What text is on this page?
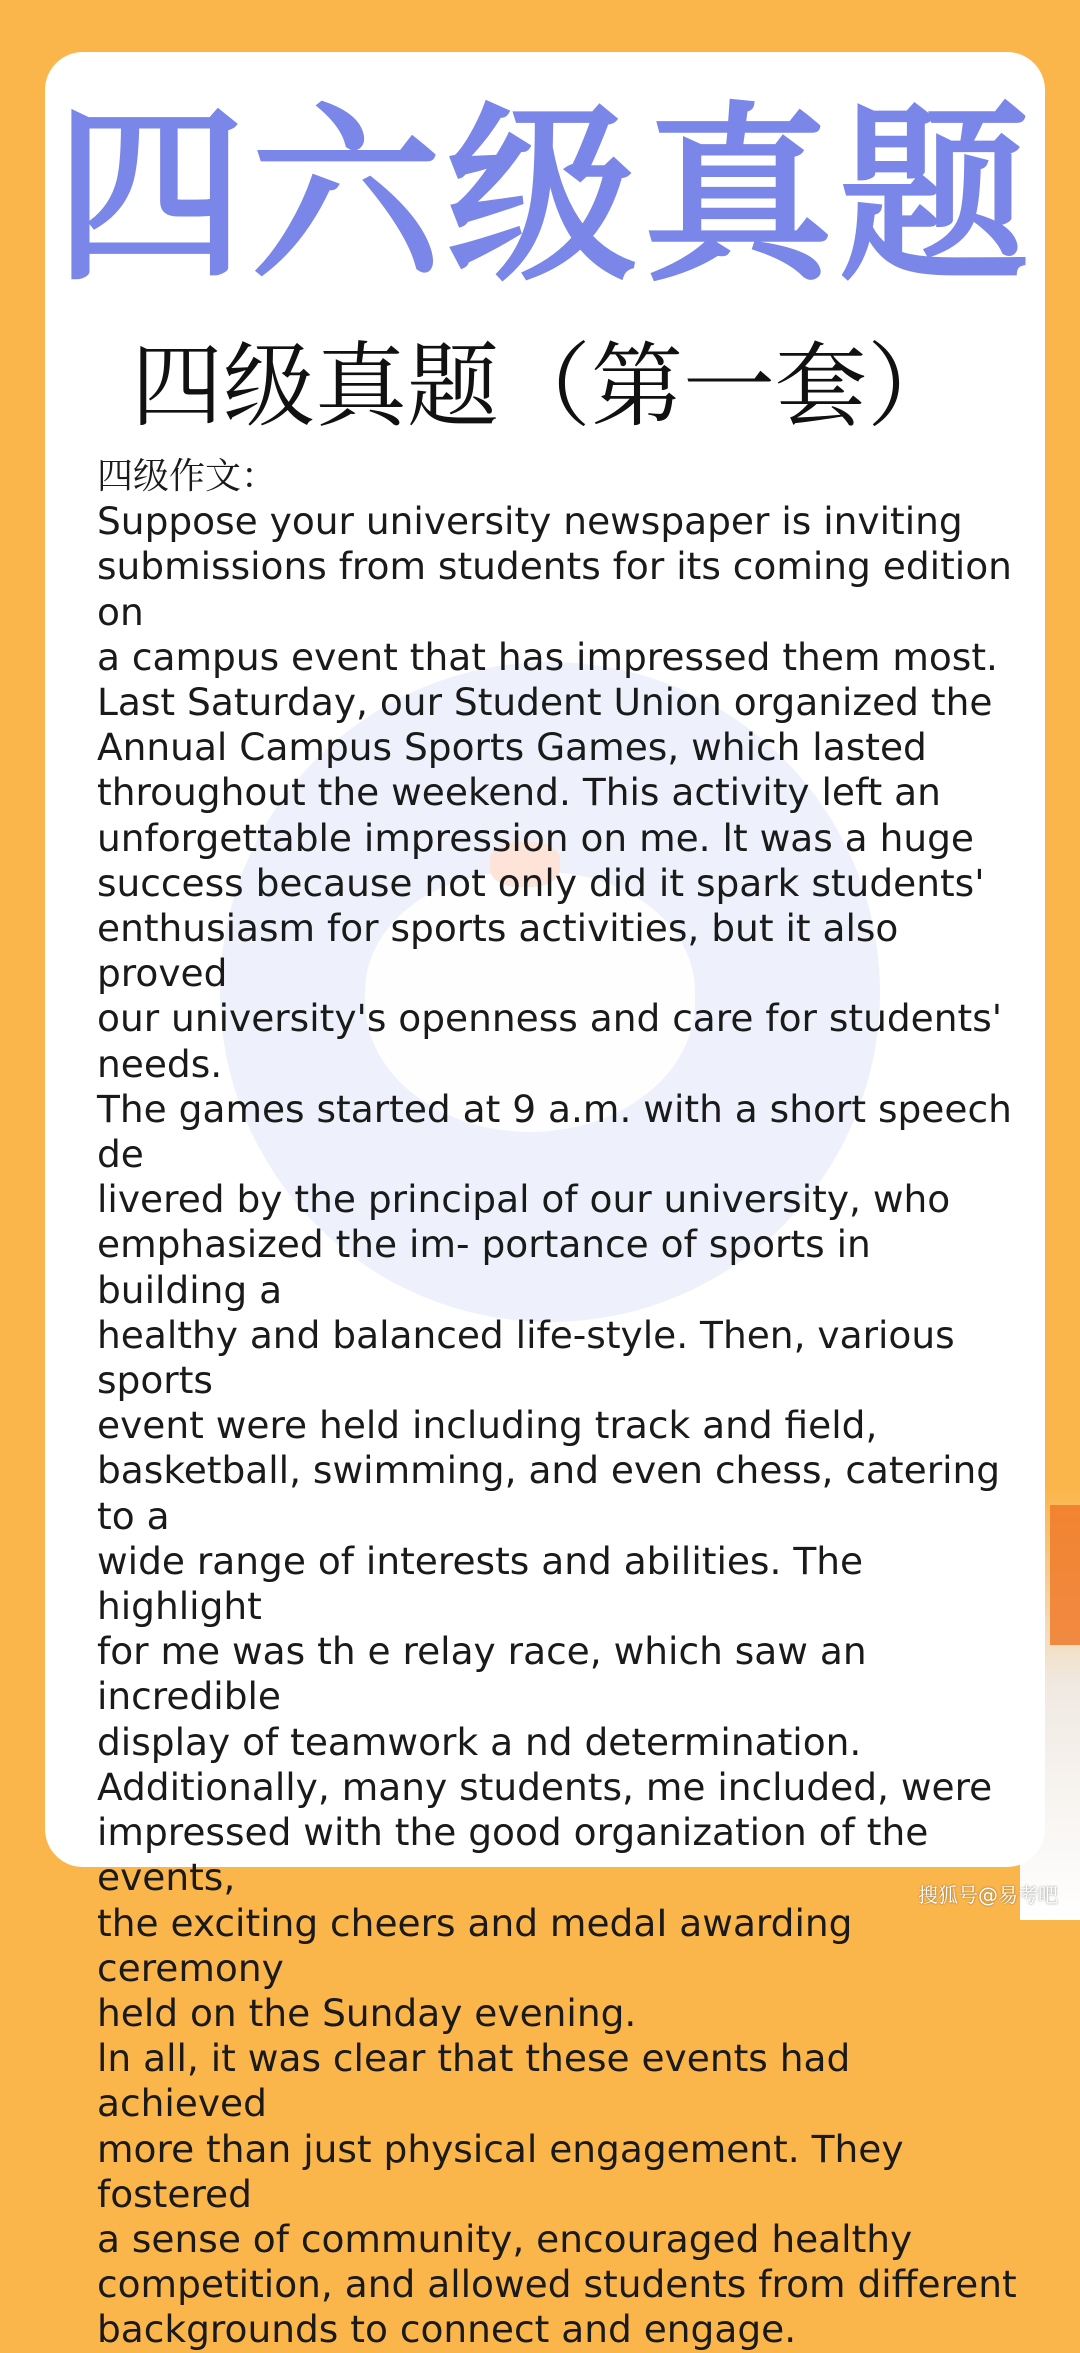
四六级真题
四级真题（第一套）
四级作文：

Suppose your university newspaper is inviting
submissions from students for its coming edition on
a campus event that has impressed them most.

Last Saturday, our Student Union organized the
Annual Campus Sports Games, which lasted
throughout the weekend. This activity left an
unforgettable impression on me. lt was a huge
success because not only did it spark students'
enthusiasm for sports activities, but it also proved
our university's openness and care for students'
needs.

The games started at 9 a.m. with a short speech de
livered by the principal of our university, who
emphasized the im- portance of sports in building a
healthy and balanced life-style. Then, various sports
event were held including track and field,
basketball, swimming, and even chess, catering to a
wide range of interests and abilities. The highlight
for me was th e relay race, which saw an incredible
display of teamwork a nd determination.

Additionally, many students, me included, were
impressed with the good organization of the events,
the exciting cheers and medaI awarding ceremony
held on the Sunday evening.

ln all, it was clear that these events had achieved
more than just physical engagement. They fostered
a sense of community, encouraged healthy
competition, and allowed students from different
backgrounds to connect and engage.

搜狐号@易考吧
